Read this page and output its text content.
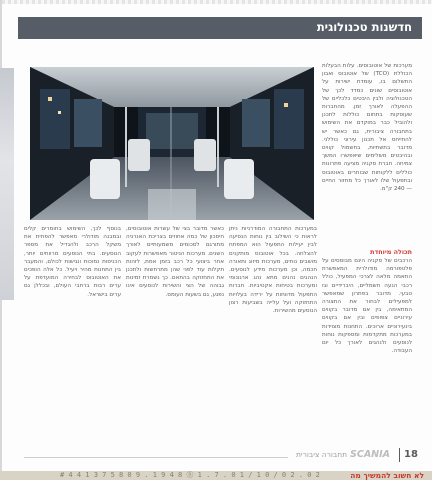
חדשנות טכנולוגית

מערכות של אוטובוסים. עלות הבעלות הכוללת (TCO) של אוטובוס ואבון התשלום בו, עומדת ישירות על אוטובוסים שונים כמדד לכך של הטכנולוגיה ולבין היבטים כלכליים של ההפעלה לאורך זמן. מהחברות שעוסקות בתחום כוללות לתכנן ולהוביל כבר במוקדם את השימוש בתחבורה ציבורית, גם כאשר יש להתייחס אל תכנון עירוני כוללני. מדובר בתשתיות, בחשמול קווים ובהיבטים משלימים שיאפשרו המשך צמיחה. חברת סקניה מציעה פתרונות כוללים ללקוחות שבוחרים באוטובוס ובתפעול שלו לאורך כל מחזור החיים — 240 ק"מ.

תכולה מיוחדת

הרכבים של סקניה הינם מבוססים על פלטפורמה מודולרית המאפשרת התאמה מלאה לצרכי המפעיל, כולל רכבי הנעה חשמליים, היברידיים וגז טבעי. מדובר בפתרון שמאפשר למפעילים לבחור את התצורה המתאימה, בין אם מדובר בקווים עירוניים צפופים ובין אם בקווים בינעירוניים ארוכים. התחנות מצוידות במערכות מתקדמות ומספקות נוחות לנוסעים ולנהגים לאורך כל יום העבודה.

במערכות התחבורה המודרניות ניתן לראות כי השילוב בין נוחות הנסיעה לבין יעילות התפעול הוא המפתח להצלחה. בכל אוטובוס מותקנים מושבים נוחים, מערכות מיזוג ותאורה חכמה, וכן מערכות מידע לנוסעים. הנהגים נהנים מתא נהג ארגונומי ומערכות בטיחות אקטיביות. חברות התפעול מדווחות על ירידה בעלויות התחזוקה ועל עלייה בשביעות רצון הנוסעים מהשירות.

כאשר מדובר בצי של עשרות אוטובוסים, חיסכון של כמה אחוזים בצריכת האנרגיה מתורגם לסכומים משמעותיים לאורך השנים. מערכות הניטור מאפשרות לעקוב אחר ביצועי כל רכב בזמן אמת, לזהות תקלות עוד לפני שהן מתרחשות ולתכנן את התחזוקה בהתאם. כך נשמרת זמינות גבוהה של הצי והשירות לנוסעים אינו נפגע, גם בשעות העומס.

בנוסף לכך, השימוש בחומרים קלים ובמבנה מודולרי מאפשר להפחית את משקל הרכב ולהגדיל את מספר הנוסעים. בתי הנוסעים מרווחים יותר, הכניסות נמוכות ונגישות לכולם, והמעבר בין התחנות מהיר ויעיל. כל אלה הופכים את האוטובוס לבחירה המועדפת על ערים רבות ברחבי העולם, ובכללן גם ערים בישראל.

תחבורה ציבורית SCANIA 18
# 4 4 1 3 7 5 8 0 9 . 1 9 4 8 Ⓡ 1 . 7 . 0 1 / 1 0 / 0 2 . 0 2	לא חשוב להמשיך מה
